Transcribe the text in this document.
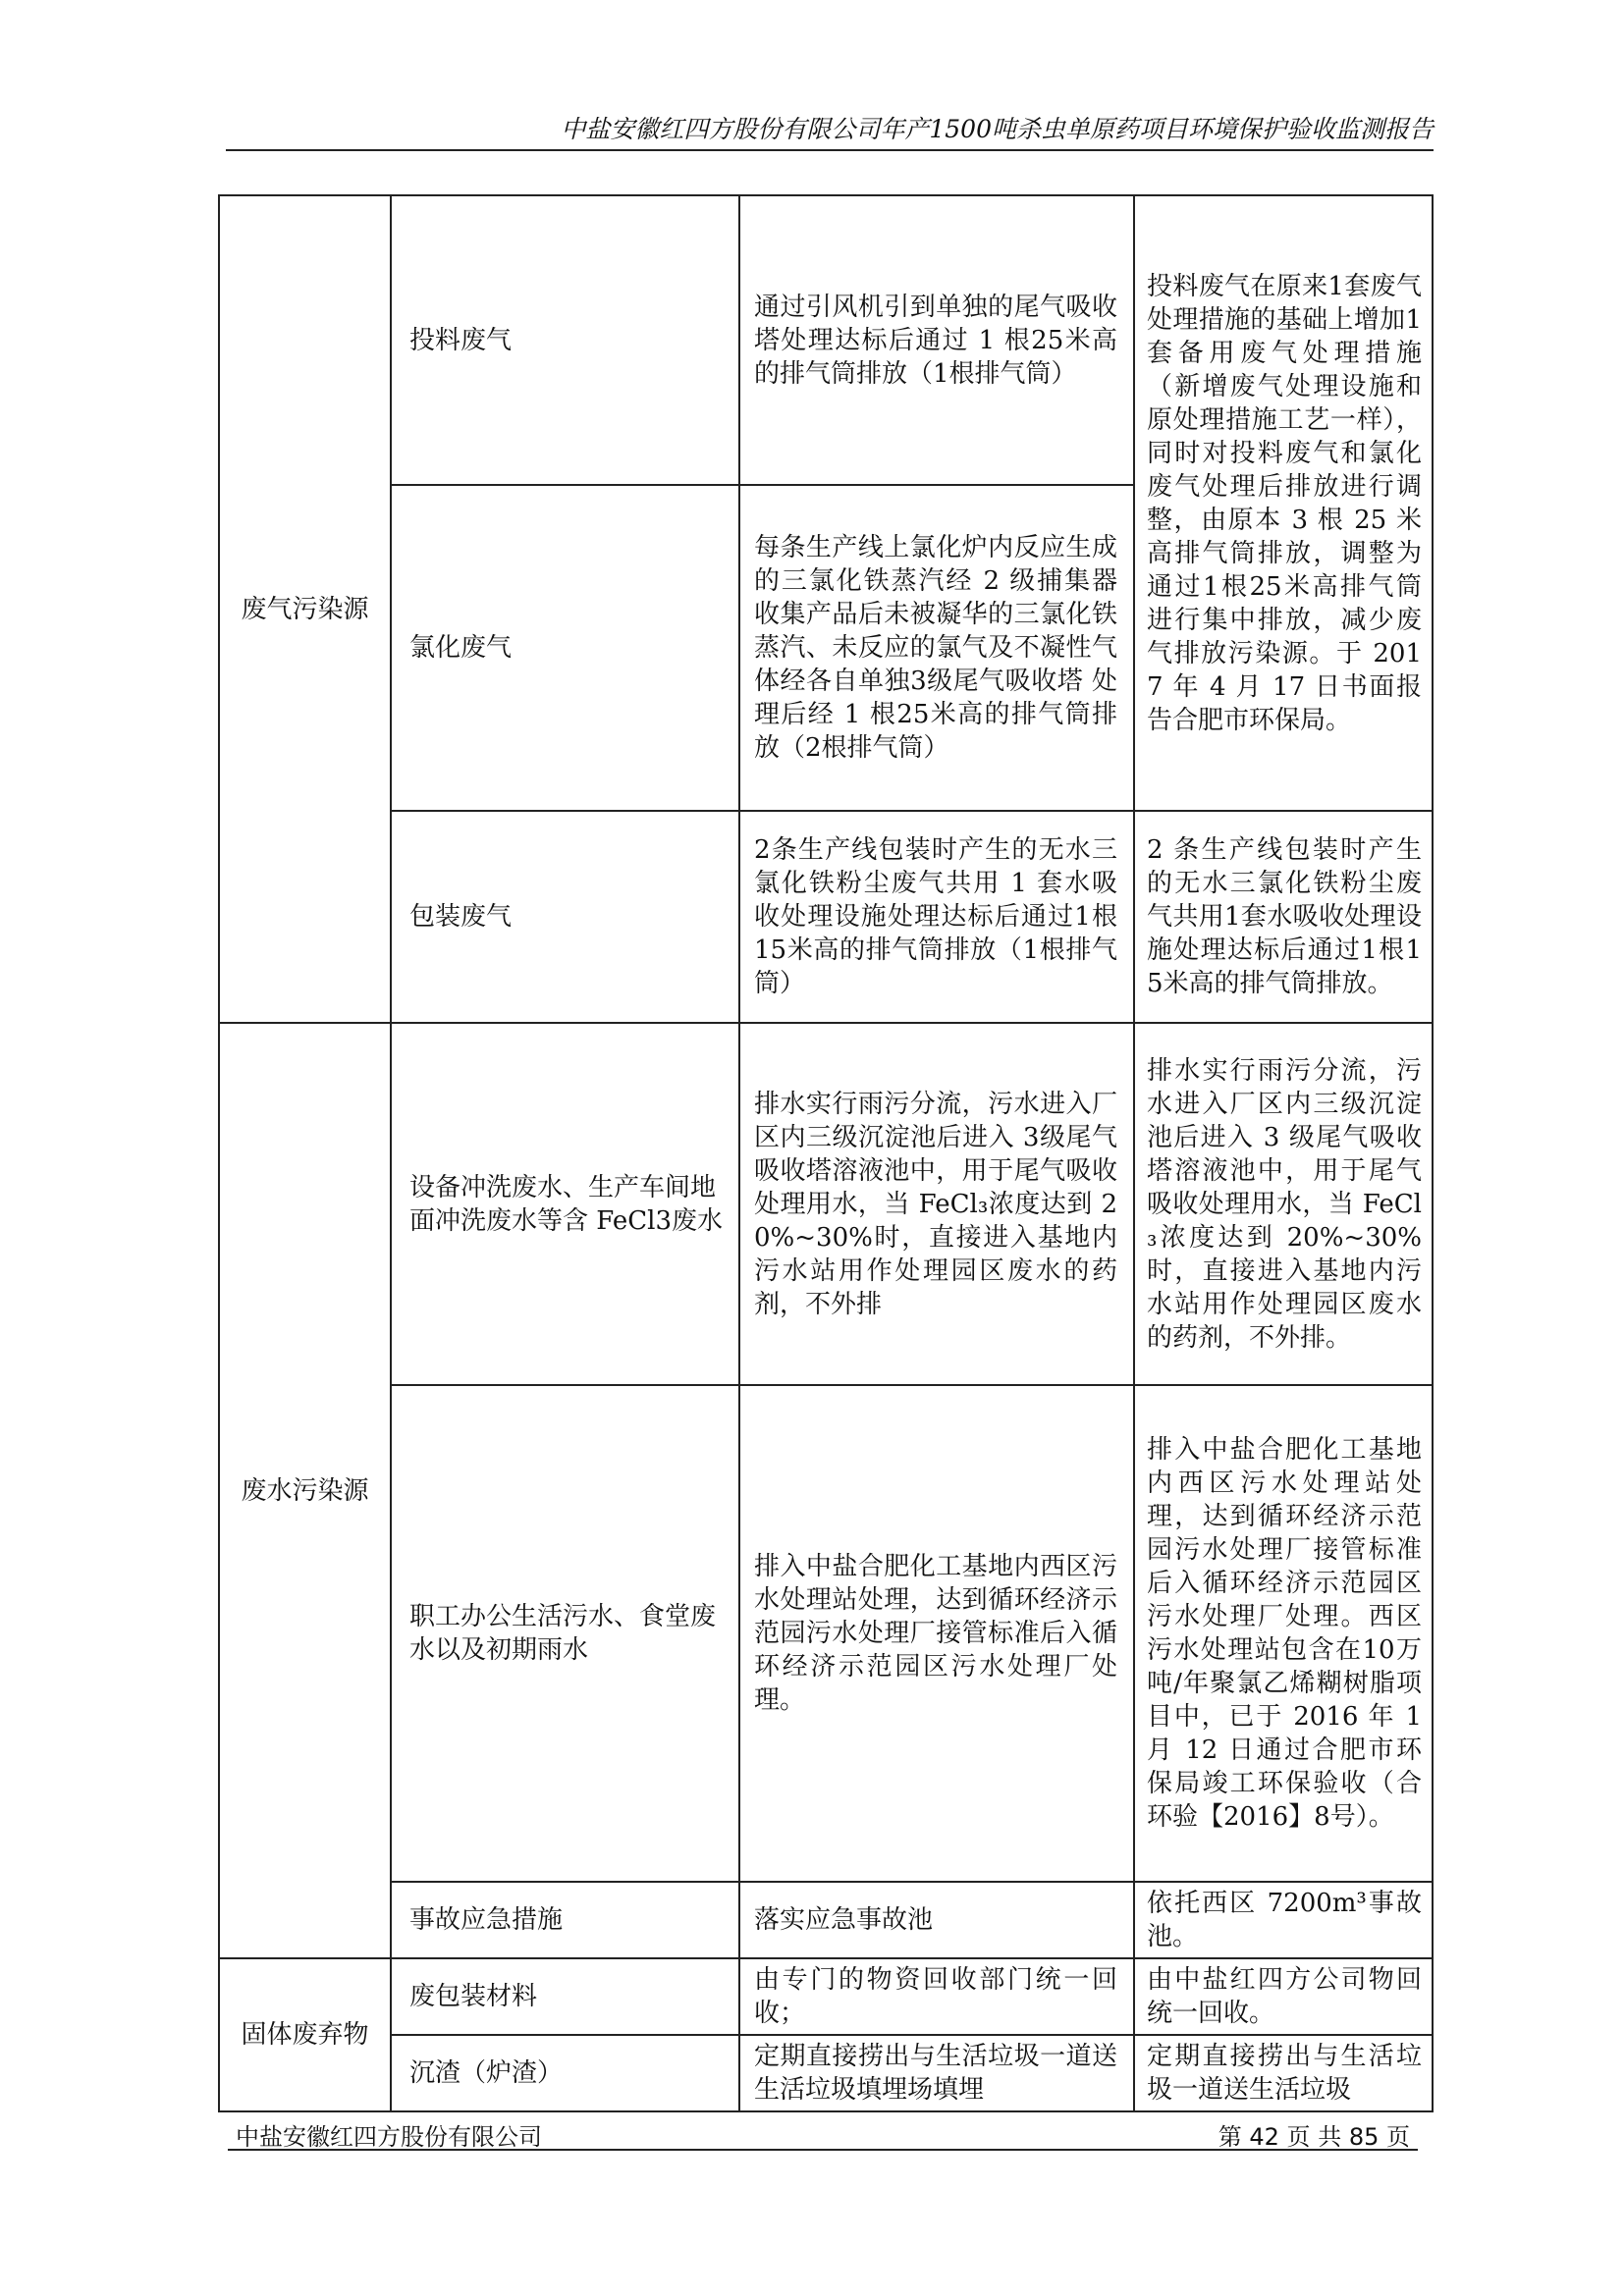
中盐安徽红四方股份有限公司年产1500吨杀虫单原药项目环境保护验收监测报告
废气污染源	投料废气	通过引风机引到单独的尾气吸收塔处理达标后通过 1 根25米高的排气筒排放（1根排气筒）	投料废气在原来1套废气处理措施的基础上增加1套备用废气处理措施（新增废气处理设施和原处理措施工艺一样），同时对投料废气和氯化废气处理后排放进行调整，由原本 3 根 25 米高排气筒排放，调整为通过1根25米高排气筒进行集中排放，减少废气排放污染源。于 2017 年 4 月 17 日书面报告合肥市环保局。
	氯化废气	每条生产线上氯化炉内反应生成的三氯化铁蒸汽经 2 级捕集器收集产品后未被凝华的三氯化铁蒸汽、未反应的氯气及不凝性气体经各自单独3级尾气吸收塔 处理后经 1 根25米高的排气筒排放（2根排气筒）	
	包装废气	2条生产线包装时产生的无水三氯化铁粉尘废气共用 1 套水吸收处理设施处理达标后通过1根15米高的排气筒排放（1根排气筒）	2 条生产线包装时产生的无水三氯化铁粉尘废气共用1套水吸收处理设施处理达标后通过1根15米高的排气筒排放。
废水污染源	设备冲洗废水、生产车间地面冲洗废水等含 FeCl3废水	排水实行雨污分流，污水进入厂区内三级沉淀池后进入 3级尾气吸收塔溶液池中，用于尾气吸收处理用水，当 FeCl₃浓度达到 20%~30%时，直接进入基地内污水站用作处理园区废水的药剂，不外排	排水实行雨污分流，污水进入厂区内三级沉淀池后进入 3 级尾气吸收塔溶液池中，用于尾气吸收处理用水，当 FeCl₃浓度达到 20%~30%时，直接进入基地内污水站用作处理园区废水的药剂，不外排。
	职工办公生活污水、食堂废水以及初期雨水	排入中盐合肥化工基地内西区污水处理站处理，达到循环经济示范园污水处理厂接管标准后入循环经济示范园区污水处理厂处理。	排入中盐合肥化工基地内西区污水处理站处理，达到循环经济示范园污水处理厂接管标准后入循环经济示范园区污水处理厂处理。西区污水处理站包含在10万吨/年聚氯乙烯糊树脂项目中，已于 2016 年 1 月 12 日通过合肥市环保局竣工环保验收（合环验【2016】8号）。
	事故应急措施	落实应急事故池	依托西区 7200m³事故池。
固体废弃物	废包装材料	由专门的物资回收部门统一回收；	由中盐红四方公司物回统一回收。
	沉渣（炉渣）	定期直接捞出与生活垃圾一道送生活垃圾填埋场填埋	定期直接捞出与生活垃圾一道送生活垃圾
中盐安徽红四方股份有限公司	第 42 页 共 85 页
